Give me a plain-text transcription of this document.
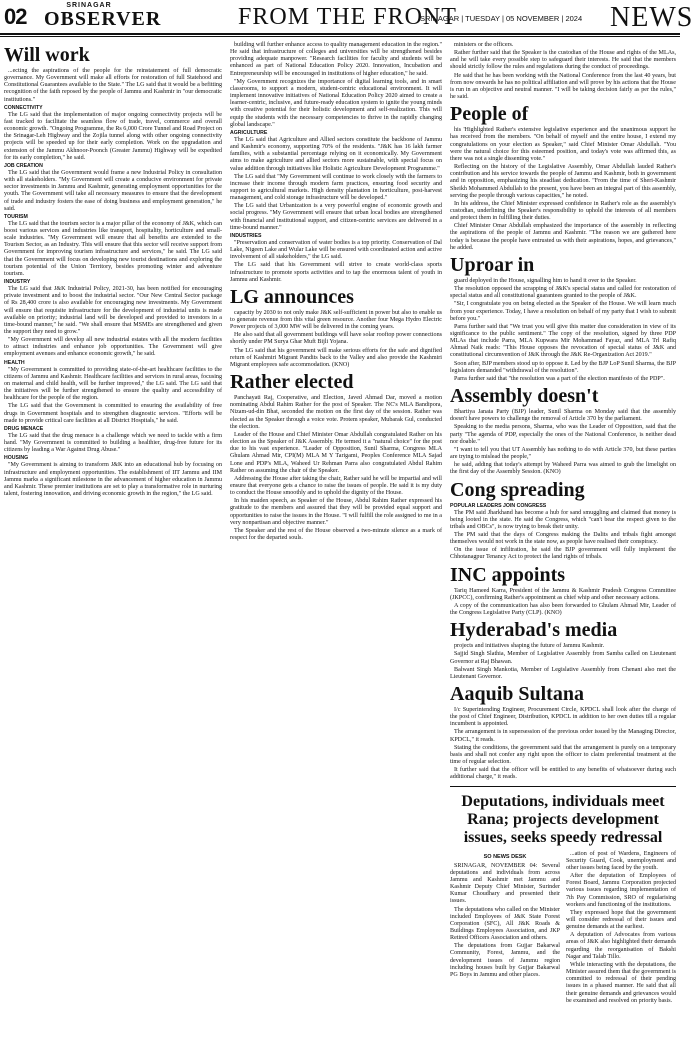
02	SRINAGAR
OBSERVER	FROM THE FRONT
SRINAGAR | TUESDAY | 05 NOVEMBER | 2024 NEWS
Will work

...ecting the aspirations of the people for the reinstatement of full democratic governance. My Government will make all efforts for restoration of full Statehood and Constitutional Guarantees available to the State." The LG said that it would be a befitting recognition of the faith reposed by the people of Jammu and Kashmir in "our democratic institutions."

CONNECTIVITY

The LG said that the implementation of major ongoing connectivity projects will be fast tracked to facilitate the seamless flow of trade, travel, commerce and overall economic growth. "Ongoing Programme, the Rs 6,000 Crore Tunnel and Road Project on the Srinagar-Leh Highway and the Zojila tunnel along with other ongoing connectivity projects will be speeded up for their early completion. Work on the upgradation and extension of the Jammu Akhnoor-Poonch (Greater Jammu) Highway will be expedited for its early completion," he said.

JOB CREATION

The LG said that the Government would frame a new Industrial Policy in consultation with all stakeholders. "My Government will create a conducive environment for private sector investments in Jammu and Kashmir, generating employment opportunities for the youth. The Government will take all necessary measures to ensure that the development of trade and industry fosters the ease of doing business and employment generation," he said.

TOURISM

The LG said that the tourism sector is a major pillar of the economy of J&K, which can boost various services and industries like transport, hospitality, horticulture and small-scale industries. "My Government will ensure that all benefits are extended to the Tourism Sector, as an Industry. This will ensure that this sector will receive support from Government for improving tourism infrastructure and services," he said. The LG said that the Government will focus on developing new tourist destinations and exploring the tourism potential of the Union Territory, besides promoting winter and adventure tourism.

INDUSTRY

The LG said that J&K Industrial Policy, 2021-30, has been notified for encouraging private investment and to boost the industrial sector. "Our New Central Sector package of Rs 28,400 crore is also available for encouraging new investments. My Government will ensure that requisite infrastructure for the development of industrial units is made available on priority; industrial land will be developed and provided to investors in a time-bound manner," he said. "We shall ensure that MSMEs are strengthened and given the support they need to grow."

"My Government will develop all new industrial estates with all the modern facilities to attract industries and enhance job opportunities. The Government will give employment avenues and enhance economic growth," he said.

HEALTH

"My Government is committed to providing state-of-the-art healthcare facilities to the citizens of Jammu and Kashmir. Healthcare facilities and services in rural areas, focusing on maternal and child health, will be further improved," the LG said. The LG said that the initiatives will be further strengthened to ensure the quality and accessibility of healthcare for the people of the region.

The LG said that the Government is committed to ensuring the availability of free drugs in Government hospitals and to strengthen diagnostic services. "Efforts will be made to provide critical care facilities at all District Hospitals," he said.

DRUG MENACE

The LG said that the drug menace is a challenge which we need to tackle with a firm hand. "My Government is committed to building a healthier, drug-free future for its citizens by leading a War Against Drug Abuse."

HOUSING

"My Government is aiming to transform J&K into an educational hub by focusing on infrastructure and employment opportunities. The establishment of IIT Jammu and IIM Jammu marks a significant milestone in the advancement of higher education in Jammu and Kashmir. These premier institutions are set to play a transformative role in nurturing talent, fostering innovation, and driving economic growth in the region," the LG said.

building will further enhance access to quality management education in the region." He said that infrastructure of colleges and universities will be strengthened besides providing adequate manpower. "Research facilities for faculty and students will be enhanced as part of National Education Policy 2020. Innovation, Incubation and Entrepreneurship will be encouraged in institutions of higher education," he said.

"My Government recognizes the importance of digital learning tools, and in smart classrooms, to support a modern, student-centric educational environment. It will implement innovative initiatives of National Education Policy 2020 aimed to create a learner-centric, inclusive, and future-ready education system to ignite the young minds with creative potential for their holistic development and self-realization. This will equip the students with the necessary competencies to thrive in the rapidly changing global landscape."

AGRICULTURE

The LG said that Agriculture and Allied sectors constitute the backbone of Jammu and Kashmir's economy, supporting 70% of the residents. "J&K has 16 lakh farmer families, with a substantial percentage relying on it economically. My Government aims to make agriculture and allied sectors more sustainable, with special focus on value addition through initiatives like Holistic Agriculture Development Programme."

The LG said that "My Government will continue to work closely with the farmers to increase their income through modern farm practices, ensuring food security and support to agricultural markets. High density plantation in horticulture, post-harvest management, and cold storage infrastructure will be developed."

The LG said that Urbanization is a very powerful engine of economic growth and social progress. "My Government will ensure that urban local bodies are strengthened with financial and institutional support, and citizen-centric services are delivered in a time-bound manner."

INDUSTRIES

"Preservation and conservation of water bodies is a top priority. Conservation of Dal Lake, Nigeen Lake and Wular Lake will be ensured with coordinated action and active involvement of all stakeholders," the LG said.

The LG said that his Government will strive to create world-class sports infrastructure to promote sports activities and to tap the enormous talent of youth in Jammu and Kashmir.

LG announces

capacity by 2030 to not only make J&K self-sufficient in power but also to enable us to generate revenue from this vital green resource. Another four Mega Hydro Electric Power projects of 3,000 MW will be delivered in the coming years.

He also said that all government buildings will have solar rooftop power connections shortly under PM Surya Ghar Muft Bijli Yojana.

The LG said that his government will make serious efforts for the safe and dignified return of Kashmiri Migrant Pandits back to the Valley and also provide the Kashmiri Migrant employees safe accommodation. (KNO)

Rather elected

Panchayati Raj, Cooperative, and Election, Javed Ahmad Dar, moved a motion nominating Abdul Rahim Rather for the post of Speaker. The NC's MLA Bandipora, Nizam-ud-din Bhat, seconded the motion on the first day of the session. Rather was elected as the Speaker through a voice vote. Protem speaker, Mubarak Gul, conducted the election.

Leader of the House and Chief Minister Omar Abdullah congratulated Rather on his election as the Speaker of J&K Assembly. He termed it a "natural choice" for the post due to his vast experience. "Leader of Opposition, Sunil Sharma, Congress MLA Ghulam Ahmad Mir, CPI(M) MLA M Y Tarigami, Peoples Conference MLA Sajad Lone and PDP's MLA, Waheed Ur Rehman Parra also congratulated Abdul Rahim Rather on assuming the chair of the Speaker.

Addressing the House after taking the chair, Rather said he will be impartial and will ensure that everyone gets a chance to raise the issues of people. He said it is my duty to conduct the House smoothly and to uphold the dignity of the House.

In his maiden speech, as Speaker of the House, Abdul Rahim Rather expressed his gratitude to the members and assured that they will be provided equal support and opportunities to raise the issues in the House. "I will fulfill the role assigned to me in a very nonpartisan and objective manner."

The Speaker and the rest of the House observed a two-minute silence as a mark of respect for the departed souls.

ministers or the officers.

Rather further said that the Speaker is the custodian of the House and rights of the MLAs, and he will take every possible step to safeguard their interests. He said that the members should strictly follow the rules and regulations during the conduct of proceedings.

He said that he has been working with the National Conference from the last 40 years, but from now onwards he has no political affiliation and will prove by his actions that the House is run in an objective and neutral manner. "I will be taking decision fairly as per the rules," he said.

People of

his 'Highlighted Rather's extensive legislative experience and the unanimous support he has received from the members. "On behalf of myself and the entire house, I extend my congratulations on your election as Speaker," said Chief Minister Omar Abdullah. "You were the natural choice for this esteemed position, and today's vote was affirmed this, as there was not a single dissenting vote."

Reflecting on the history of the Legislative Assembly, Omar Abdullah lauded Rather's contribution and his service towards the people of Jammu and Kashmir, both in government and in opposition, emphasizing his steadfast dedication. "From the time of Sheri-Kashmir Sheikh Mohammed Abdullah to the present, you have been an integral part of this assembly, serving the people through various capacities," he noted.

In his address, the Chief Minister expressed confidence in Rather's role as the assembly's custodian, underlining the Speaker's responsibility to uphold the interests of all members and protect them in fulfilling their duties.

Chief Minister Omar Abdullah emphasized the importance of the assembly in reflecting the aspirations of the people of Jammu and Kashmir. "The reason we are gathered here today is because the people have entrusted us with their aspirations, hopes, and grievances," he added.

Uproar in

guard deployed in the House, signalling him to hand it over to the Speaker.

The resolution opposed the scrapping of J&K's special status and called for restoration of special status and all constitutional guarantees granted to the people of J&K.

"Sir, I congratulate you on being elected as the Speaker of the House. We will learn much from your experience. Today, I have a resolution on behalf of my party that I wish to submit before you."

Parra further said that "We trust you will give this matter due consideration in view of its significance to the public sentiment." The copy of the resolution, signed by three PDP MLAs that include Parra, MLA Kupwara Mir Mohammad Fayaz, and MLA Trl Rafiq Ahmad Naik reads: "This House opposes the revocation of special status of J&K and constitutional circumvention of J&K through the J&K Re-Organization Act 2019."

Soon after, BJP members stood up to oppose it. Led by the BJP LoP Sunil Sharma, the BJP legislators demanded "withdrawal of the resolution".

Parra further said that "the resolution was a part of the election manifesto of the PDP".

Assembly doesn't

Bhartiya Janata Party (BJP) leader, Sunil Sharma on Monday said that the assembly doesn't have powers to challenge the removal of Article 370 by the parliament.

Speaking to the media persons, Sharma, who was the Leader of Opposition, said that the party "The agenda of PDP, especially the ones of the National Conference, is neither dead nor doable."

"I want to tell you that UT Assembly has nothing to do with Article 370, but these parties are trying to mislead the people,"

he said, adding that today's attempt by Waheed Parra was aimed to grab the limelight on the first day of the Assembly Session. (KNO)

Cong spreading
POPULAR LEADERS JOIN CONGRESS

The PM said Jharkhand has become a hub for sand smuggling and claimed that money is being looted in the state. He said the Congress, which "can't bear the respect given to the tribals and OBCs", is now trying to break their unity.

The PM said that the days of Congress making the Dalits and tribals fight amongst themselves would not work in the state now, as people have realised their conspiracy.

On the issue of infiltration, he said the BJP government will fully implement the Chhotanagpur Tenancy Act to protect the land rights of tribals.

INC appoints

Tariq Hameed Karra, President of the Jammu & Kashmir Pradesh Congress Committee (JKPCC), confirming Rather's appointment as chief whip and other necessary actions.

A copy of the communication has also been forwarded to Ghulam Ahmad Mir, Leader of the Congress Legislative Party (CLP). (KNO)

Hyderabad's media

projects and initiatives shaping the future of Jammu Kashmir.

Sajjid Singh Slathia, Member of Legislative Assembly from Samba called on Lieutenant Governor at Raj Bhawan.

Balwant Singh Mankotia, Member of Legislative Assembly from Chenani also met the Lieutenant Governor.

Aaquib Sultana

I/c Superintending Engineer, Procurement Circle, KPDCL shall look after the charge of the post of Chief Engineer, Distribution, KPDCL in addition to her own duties till a regular incumbent is appointed.

The arrangement is in supersession of the previous order issued by the Managing Director, KPDCL," it reads.

Stating the conditions, the government said that the arrangement is purely on a temporary basis and shall not confer any right upon the officer to claim preferential treatment at the time of regular selection.

It further said that the officer will be entitled to any benefits of whatsoever during such additional charge," it reads.

Deputations, individuals meet Rana; projects development issues, seeks speedy redressal
SO NEWS DESK

SRINAGAR, NOVEMBER 04: Several deputations and individuals from across Jammu and Kashmir met Jammu and Kashmir Deputy Chief Minister, Surinder Kumar Choudhary and presented their issues.

The deputations who called on the Minister included Employees of J&K State Forest Corporation (SFC), All J&K Roads & Buildings Employees Association, and JKP Retired Officers Association and others.

The deputations from Gujjar Bakarwal Community, Forest, Jammu, and the development issues of Jammu region including houses built by Gujjar Bakarwal PG Boys in Jammu and other places.

...ation of post of Wardens, Engineers of Security Guard, Cook, unemployment and other issues being faced by the youth.

After the deputation of Employees of Forest Board, Jammu Corporation projected various issues regarding implementation of 7th Pay Commission, SRO of regularising workers and functioning of the institutions.

They expressed hope that the government will consider redressal of their issues and genuine demands at the earliest.

A deputation of Advocates from various areas of J&K also highlighted their demands regarding the reorganisation of Bakshi Nagar and Talab Tillo.

While interacting with the deputations, the Minister assured them that the government is committed to redressal of their pending issues in a phased manner. He said that all their genuine demands and grievances would be examined and resolved on priority basis.
